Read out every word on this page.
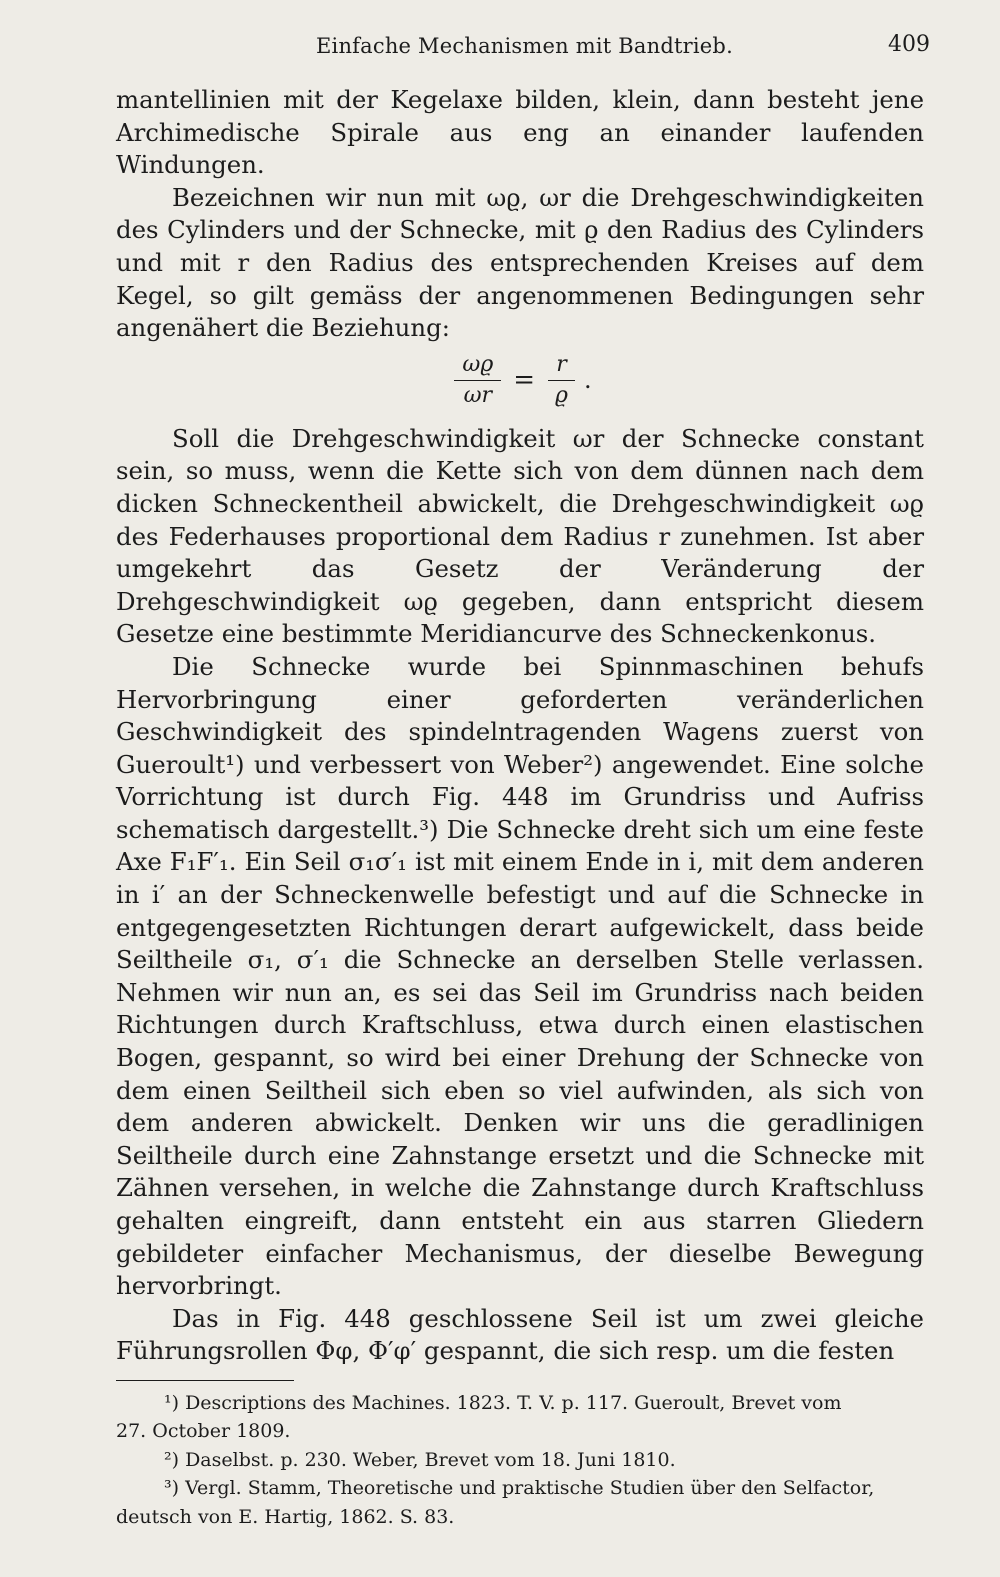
Einfache Mechanismen mit Bandtrieb.	409

mantellinien mit der Kegelaxe bilden, klein, dann besteht jene Archimedische Spirale aus eng an einander laufenden Windungen.

Bezeichnen wir nun mit ωϱ, ωr die Drehgeschwindigkeiten des Cylinders und der Schnecke, mit ϱ den Radius des Cylinders und mit r den Radius des entsprechenden Kreises auf dem Kegel, so gilt gemäss der angenommenen Bedingungen sehr angenähert die Beziehung:

$\frac{\omega ϱ}{\omega r} = \frac{r}{ϱ}$ .

Soll die Drehgeschwindigkeit ωr der Schnecke constant sein, so muss, wenn die Kette sich von dem dünnen nach dem dicken Schneckentheil abwickelt, die Drehgeschwindigkeit ωϱ des Federhauses proportional dem Radius r zunehmen. Ist aber umgekehrt das Gesetz der Veränderung der Drehgeschwindigkeit ωϱ gegeben, dann entspricht diesem Gesetze eine bestimmte Meridiancurve des Schneckenkonus.

Die Schnecke wurde bei Spinnmaschinen behufs Hervorbringung einer geforderten veränderlichen Geschwindigkeit des spindelntragenden Wagens zuerst von Gueroult¹) und verbessert von Weber²) angewendet. Eine solche Vorrichtung ist durch Fig. 448 im Grundriss und Aufriss schematisch dargestellt.³) Die Schnecke dreht sich um eine feste Axe F₁F′₁. Ein Seil σ₁σ′₁ ist mit einem Ende in i, mit dem anderen in i′ an der Schneckenwelle befestigt und auf die Schnecke in entgegengesetzten Richtungen derart aufgewickelt, dass beide Seiltheile σ₁, σ′₁ die Schnecke an derselben Stelle verlassen. Nehmen wir nun an, es sei das Seil im Grundriss nach beiden Richtungen durch Kraftschluss, etwa durch einen elastischen Bogen, gespannt, so wird bei einer Drehung der Schnecke von dem einen Seiltheil sich eben so viel aufwinden, als sich von dem anderen abwickelt. Denken wir uns die geradlinigen Seiltheile durch eine Zahnstange ersetzt und die Schnecke mit Zähnen versehen, in welche die Zahnstange durch Kraftschluss gehalten eingreift, dann entsteht ein aus starren Gliedern gebildeter einfacher Mechanismus, der dieselbe Bewegung hervorbringt.

Das in Fig. 448 geschlossene Seil ist um zwei gleiche Führungsrollen Φφ, Φ′φ′ gespannt, die sich resp. um die festen

¹) Descriptions des Machines. 1823. T. V. p. 117. Gueroult, Brevet vom

27. October 1809.

²) Daselbst. p. 230. Weber, Brevet vom 18. Juni 1810.

³) Vergl. Stamm, Theoretische und praktische Studien über den Selfactor,

deutsch von E. Hartig, 1862. S. 83.
